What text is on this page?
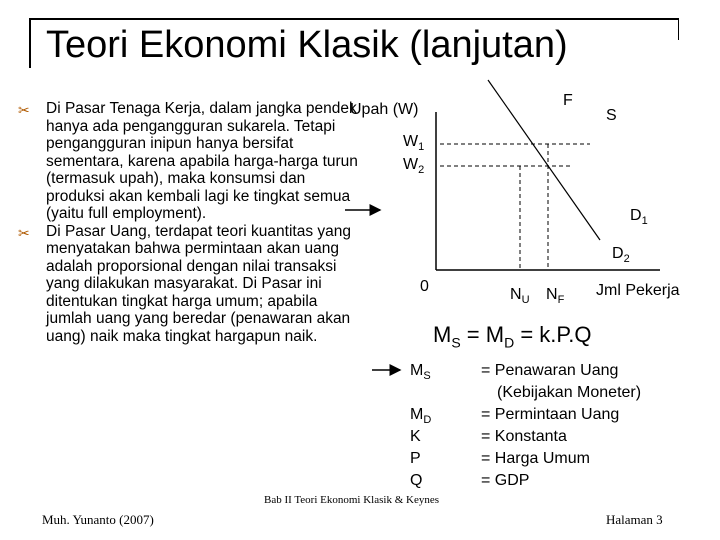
Teori Ekonomi Klasik (lanjutan)
✂ Di Pasar Tenaga Kerja, dalam jangka pendek hanya ada pengangguran sukarela. Tetapi pengangguran inipun hanya bersifat sementara, karena apabila harga-harga turun (termasuk upah), maka konsumsi dan produksi akan kembali lagi ke tingkat semua (yaitu full employment).

✂ Di Pasar Uang, terdapat teori kuantitas yang menyatakan bahwa permintaan akan uang adalah proporsional dengan nilai transaksi yang dilakukan masyarakat. Di Pasar ini ditentukan tingkat harga umum; apabila jumlah uang yang beredar (penawaran akan uang) naik maka tingkat hargapun naik.

Upah (W)
$W_1$
$W_2$
0	$N_U$ $N_F$
Jml Pekerja
F
S
$D_1$
$D_2$
$M_S = M_D = k.P.Q$
$M_S$
$M_D$
K
P
Q
= Penawaran Uang
(Kebijakan Moneter)
= Permintaan Uang
= Konstanta
= Harga Umum
= GDP
Muh. Yunanto (2007)
Bab II Teori Ekonomi Klasik & Keynes
Halaman 3
